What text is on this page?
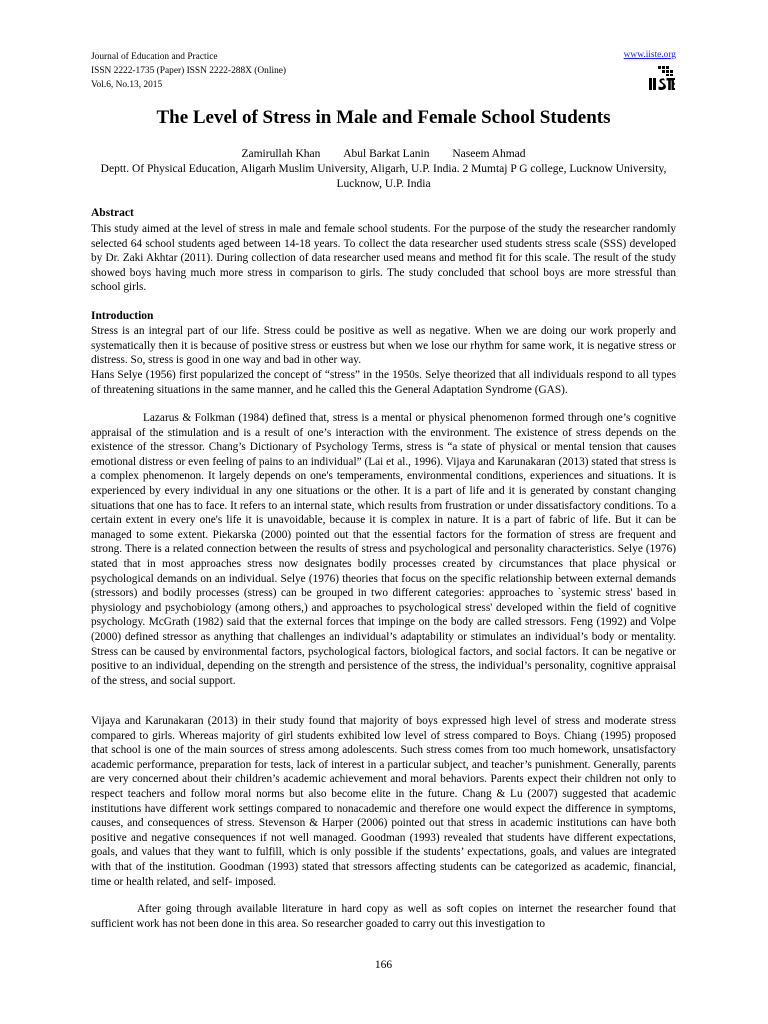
Journal of Education and Practice
ISSN 2222-1735 (Paper) ISSN 2222-288X (Online)
Vol.6, No.13, 2015
www.iiste.org
The Level of Stress in Male and Female School Students
Zamirullah Khan Abul Barkat Lanin Naseem Ahmad
Deptt. Of Physical Education, Aligarh Muslim University, Aligarh, U.P. India. 2 Mumtaj P G college, Lucknow University, Lucknow, U.P. India
Abstract
This study aimed at the level of stress in male and female school students. For the purpose of the study the researcher randomly selected 64 school students aged between 14-18 years. To collect the data researcher used students stress scale (SSS) developed by Dr. Zaki Akhtar (2011). During collection of data researcher used means and method fit for this scale. The result of the study showed boys having much more stress in comparison to girls. The study concluded that school boys are more stressful than school girls.
Introduction
Stress is an integral part of our life. Stress could be positive as well as negative. When we are doing our work properly and systematically then it is because of positive stress or eustress but when we lose our rhythm for same work, it is negative stress or distress. So, stress is good in one way and bad in other way.
Hans Selye (1956) first popularized the concept of “stress” in the 1950s. Selye theorized that all individuals respond to all types of threatening situations in the same manner, and he called this the General Adaptation Syndrome (GAS).
Lazarus & Folkman (1984) defined that, stress is a mental or physical phenomenon formed through one’s cognitive appraisal of the stimulation and is a result of one’s interaction with the environment. The existence of stress depends on the existence of the stressor. Chang’s Dictionary of Psychology Terms, stress is “a state of physical or mental tension that causes emotional distress or even feeling of pains to an individual” (Lai et al., 1996). Vijaya and Karunakaran (2013) stated that stress is a complex phenomenon. It largely depends on one's temperaments, environmental conditions, experiences and situations. It is experienced by every individual in any one situations or the other. It is a part of life and it is generated by constant changing situations that one has to face. It refers to an internal state, which results from frustration or under dissatisfactory conditions. To a certain extent in every one's life it is unavoidable, because it is complex in nature. It is a part of fabric of life. But it can be managed to some extent. Piekarska (2000) pointed out that the essential factors for the formation of stress are frequent and strong. There is a related connection between the results of stress and psychological and personality characteristics. Selye (1976) stated that in most approaches stress now designates bodily processes created by circumstances that place physical or psychological demands on an individual. Selye (1976) theories that focus on the specific relationship between external demands (stressors) and bodily processes (stress) can be grouped in two different categories: approaches to `systemic stress' based in physiology and psychobiology (among others,) and approaches to psychological stress' developed within the field of cognitive psychology. McGrath (1982) said that the external forces that impinge on the body are called stressors. Feng (1992) and Volpe (2000) defined stressor as anything that challenges an individual’s adaptability or stimulates an individual’s body or mentality. Stress can be caused by environmental factors, psychological factors, biological factors, and social factors. It can be negative or positive to an individual, depending on the strength and persistence of the stress, the individual’s personality, cognitive appraisal of the stress, and social support.
Vijaya and Karunakaran (2013) in their study found that majority of boys expressed high level of stress and moderate stress compared to girls. Whereas majority of girl students exhibited low level of stress compared to Boys. Chiang (1995) proposed that school is one of the main sources of stress among adolescents. Such stress comes from too much homework, unsatisfactory academic performance, preparation for tests, lack of interest in a particular subject, and teacher’s punishment. Generally, parents are very concerned about their children’s academic achievement and moral behaviors. Parents expect their children not only to respect teachers and follow moral norms but also become elite in the future. Chang & Lu (2007) suggested that academic institutions have different work settings compared to nonacademic and therefore one would expect the difference in symptoms, causes, and consequences of stress. Stevenson & Harper (2006) pointed out that stress in academic institutions can have both positive and negative consequences if not well managed. Goodman (1993) revealed that students have different expectations, goals, and values that they want to fulfill, which is only possible if the students’ expectations, goals, and values are integrated with that of the institution. Goodman (1993) stated that stressors affecting students can be categorized as academic, financial, time or health related, and self- imposed.
After going through available literature in hard copy as well as soft copies on internet the researcher found that sufficient work has not been done in this area. So researcher goaded to carry out this investigation to
166
